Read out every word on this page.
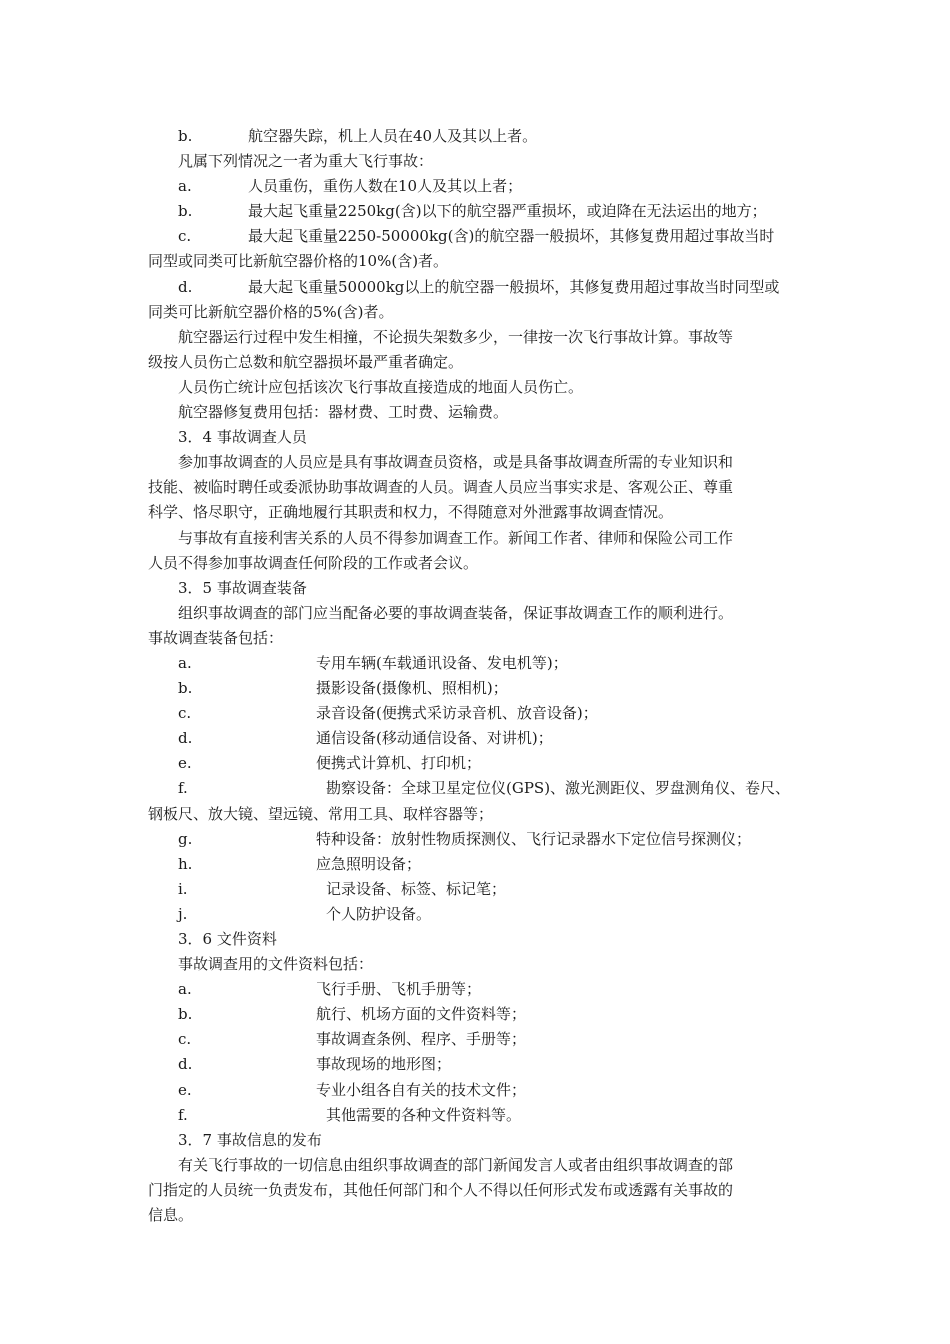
b.	航空器失踪，机上人员在40人及其以上者。
凡属下列情况之一者为重大飞行事故：
a.	人员重伤，重伤人数在10人及其以上者；
b.	最大起飞重量2250kg(含)以下的航空器严重损坏，或迫降在无法运出的地方；
c.	最大起飞重量2250-50000kg(含)的航空器一般损坏，其修复费用超过事故当时
同型或同类可比新航空器价格的10%(含)者。
d.	最大起飞重量50000kg以上的航空器一般损坏，其修复费用超过事故当时同型或
同类可比新航空器价格的5%(含)者。
航空器运行过程中发生相撞，不论损失架数多少，一律按一次飞行事故计算。事故等
级按人员伤亡总数和航空器损坏最严重者确定。
人员伤亡统计应包括该次飞行事故直接造成的地面人员伤亡。
航空器修复费用包括：器材费、工时费、运输费。
3．4 事故调查人员
参加事故调查的人员应是具有事故调查员资格，或是具备事故调查所需的专业知识和
技能、被临时聘任或委派协助事故调查的人员。调查人员应当事实求是、客观公正、尊重
科学、恪尽职守，正确地履行其职责和权力，不得随意对外泄露事故调查情况。
与事故有直接利害关系的人员不得参加调查工作。新闻工作者、律师和保险公司工作
人员不得参加事故调查任何阶段的工作或者会议。
3．5 事故调查装备
组织事故调查的部门应当配备必要的事故调查装备，保证事故调查工作的顺利进行。
事故调查装备包括：
a.	专用车辆(车载通讯设备、发电机等)；
b.	摄影设备(摄像机、照相机)；
c.	录音设备(便携式采访录音机、放音设备)；
d.	通信设备(移动通信设备、对讲机)；
e.	便携式计算机、打印机；
f.	勘察设备：全球卫星定位仪(GPS)、激光测距仪、罗盘测角仪、卷尺、
钢板尺、放大镜、望远镜、常用工具、取样容器等；
g.	特种设备：放射性物质探测仪、飞行记录器水下定位信号探测仪；
h.	应急照明设备；
i.	记录设备、标签、标记笔；
j.	个人防护设备。
3．6 文件资料
事故调查用的文件资料包括：
a.	飞行手册、飞机手册等；
b.	航行、机场方面的文件资料等；
c.	事故调查条例、程序、手册等；
d.	事故现场的地形图；
e.	专业小组各自有关的技术文件；
f.	其他需要的各种文件资料等。
3．7 事故信息的发布
有关飞行事故的一切信息由组织事故调查的部门新闻发言人或者由组织事故调查的部
门指定的人员统一负责发布，其他任何部门和个人不得以任何形式发布或透露有关事故的
信息。
